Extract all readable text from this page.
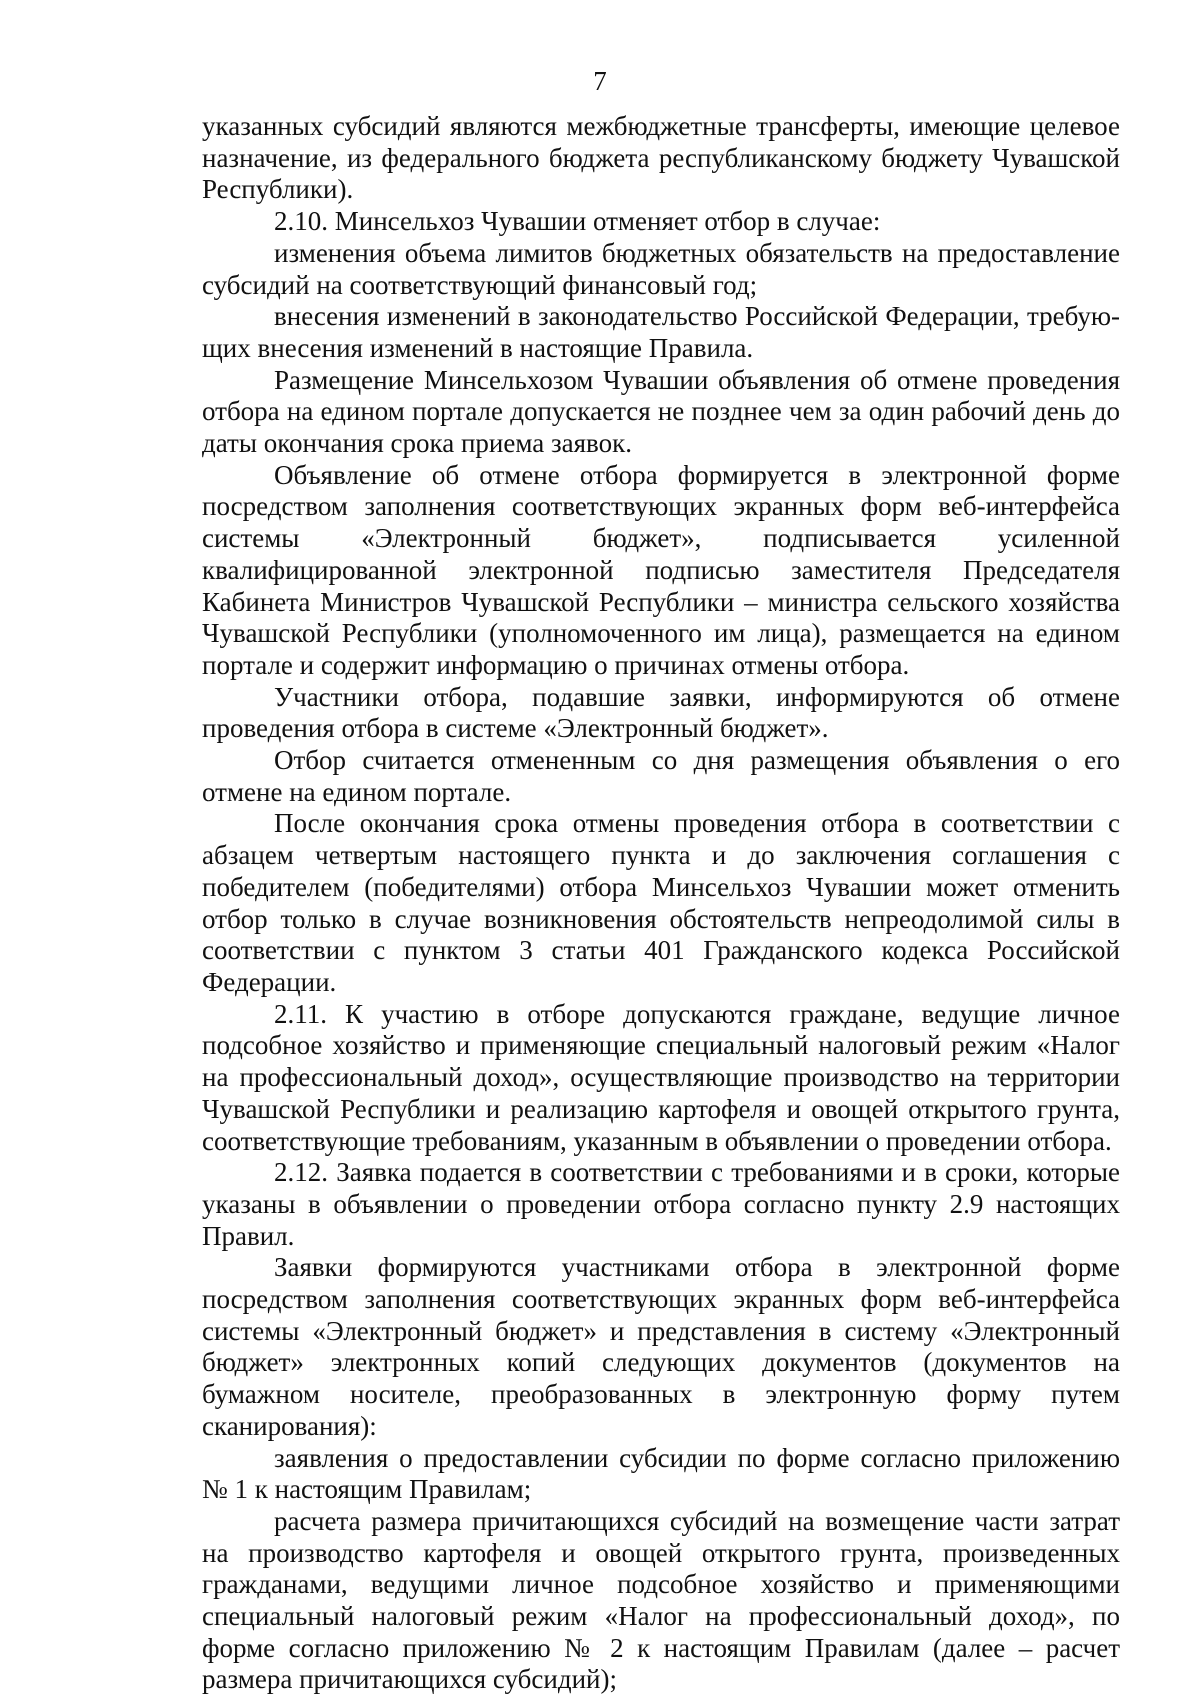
7

указанных субсидий являются межбюджетные трансферты, имеющие целевое назначение, из федерального бюджета республиканскому бюджету Чувашской Республики).

2.10. Минсельхоз Чувашии отменяет отбор в случае:

изменения объема лимитов бюджетных обязательств на предоставление субсидий на соответствующий финансовый год;

внесения изменений в законодательство Российской Федерации, требующих внесения изменений в настоящие Правила.

Размещение Минсельхозом Чувашии объявления об отмене проведения отбора на едином портале допускается не позднее чем за один рабочий день до даты окончания срока приема заявок.

Объявление об отмене отбора формируется в электронной форме посредством заполнения соответствующих экранных форм веб-интерфейса системы «Электронный бюджет», подписывается усиленной квалифицированной электронной подписью заместителя Председателя Кабинета Министров Чувашской Республики – министра сельского хозяйства Чувашской Республики (уполномоченного им лица), размещается на едином портале и содержит информацию о причинах отмены отбора.

Участники отбора, подавшие заявки, информируются об отмене проведения отбора в системе «Электронный бюджет».

Отбор считается отмененным со дня размещения объявления о его отмене на едином портале.

После окончания срока отмены проведения отбора в соответствии с абзацем четвертым настоящего пункта и до заключения соглашения с победителем (победителями) отбора Минсельхоз Чувашии может отменить отбор только в случае возникновения обстоятельств непреодолимой силы в соответствии с пунктом 3 статьи 401 Гражданского кодекса Российской Федерации.

2.11. К участию в отборе допускаются граждане, ведущие личное подсобное хозяйство и применяющие специальный налоговый режим «Налог на профессиональный доход», осуществляющие производство на территории Чувашской Республики и реализацию картофеля и овощей открытого грунта, соответствующие требованиям, указанным в объявлении о проведении отбора.

2.12. Заявка подается в соответствии с требованиями и в сроки, которые указаны в объявлении о проведении отбора согласно пункту 2.9 настоящих Правил.

Заявки формируются участниками отбора в электронной форме посредством заполнения соответствующих экранных форм веб-интерфейса системы «Электронный бюджет» и представления в систему «Электронный бюджет» электронных копий следующих документов (документов на бумажном носителе, преобразованных в электронную форму путем сканирования):

заявления о предоставлении субсидии по форме согласно приложению № 1 к настоящим Правилам;

расчета размера причитающихся субсидий на возмещение части затрат на производство картофеля и овощей открытого грунта, произведенных гражданами, ведущими личное подсобное хозяйство и применяющими специальный налоговый режим «Налог на профессиональный доход», по форме согласно приложению № 2 к настоящим Правилам (далее – расчет размера причитающихся субсидий);
